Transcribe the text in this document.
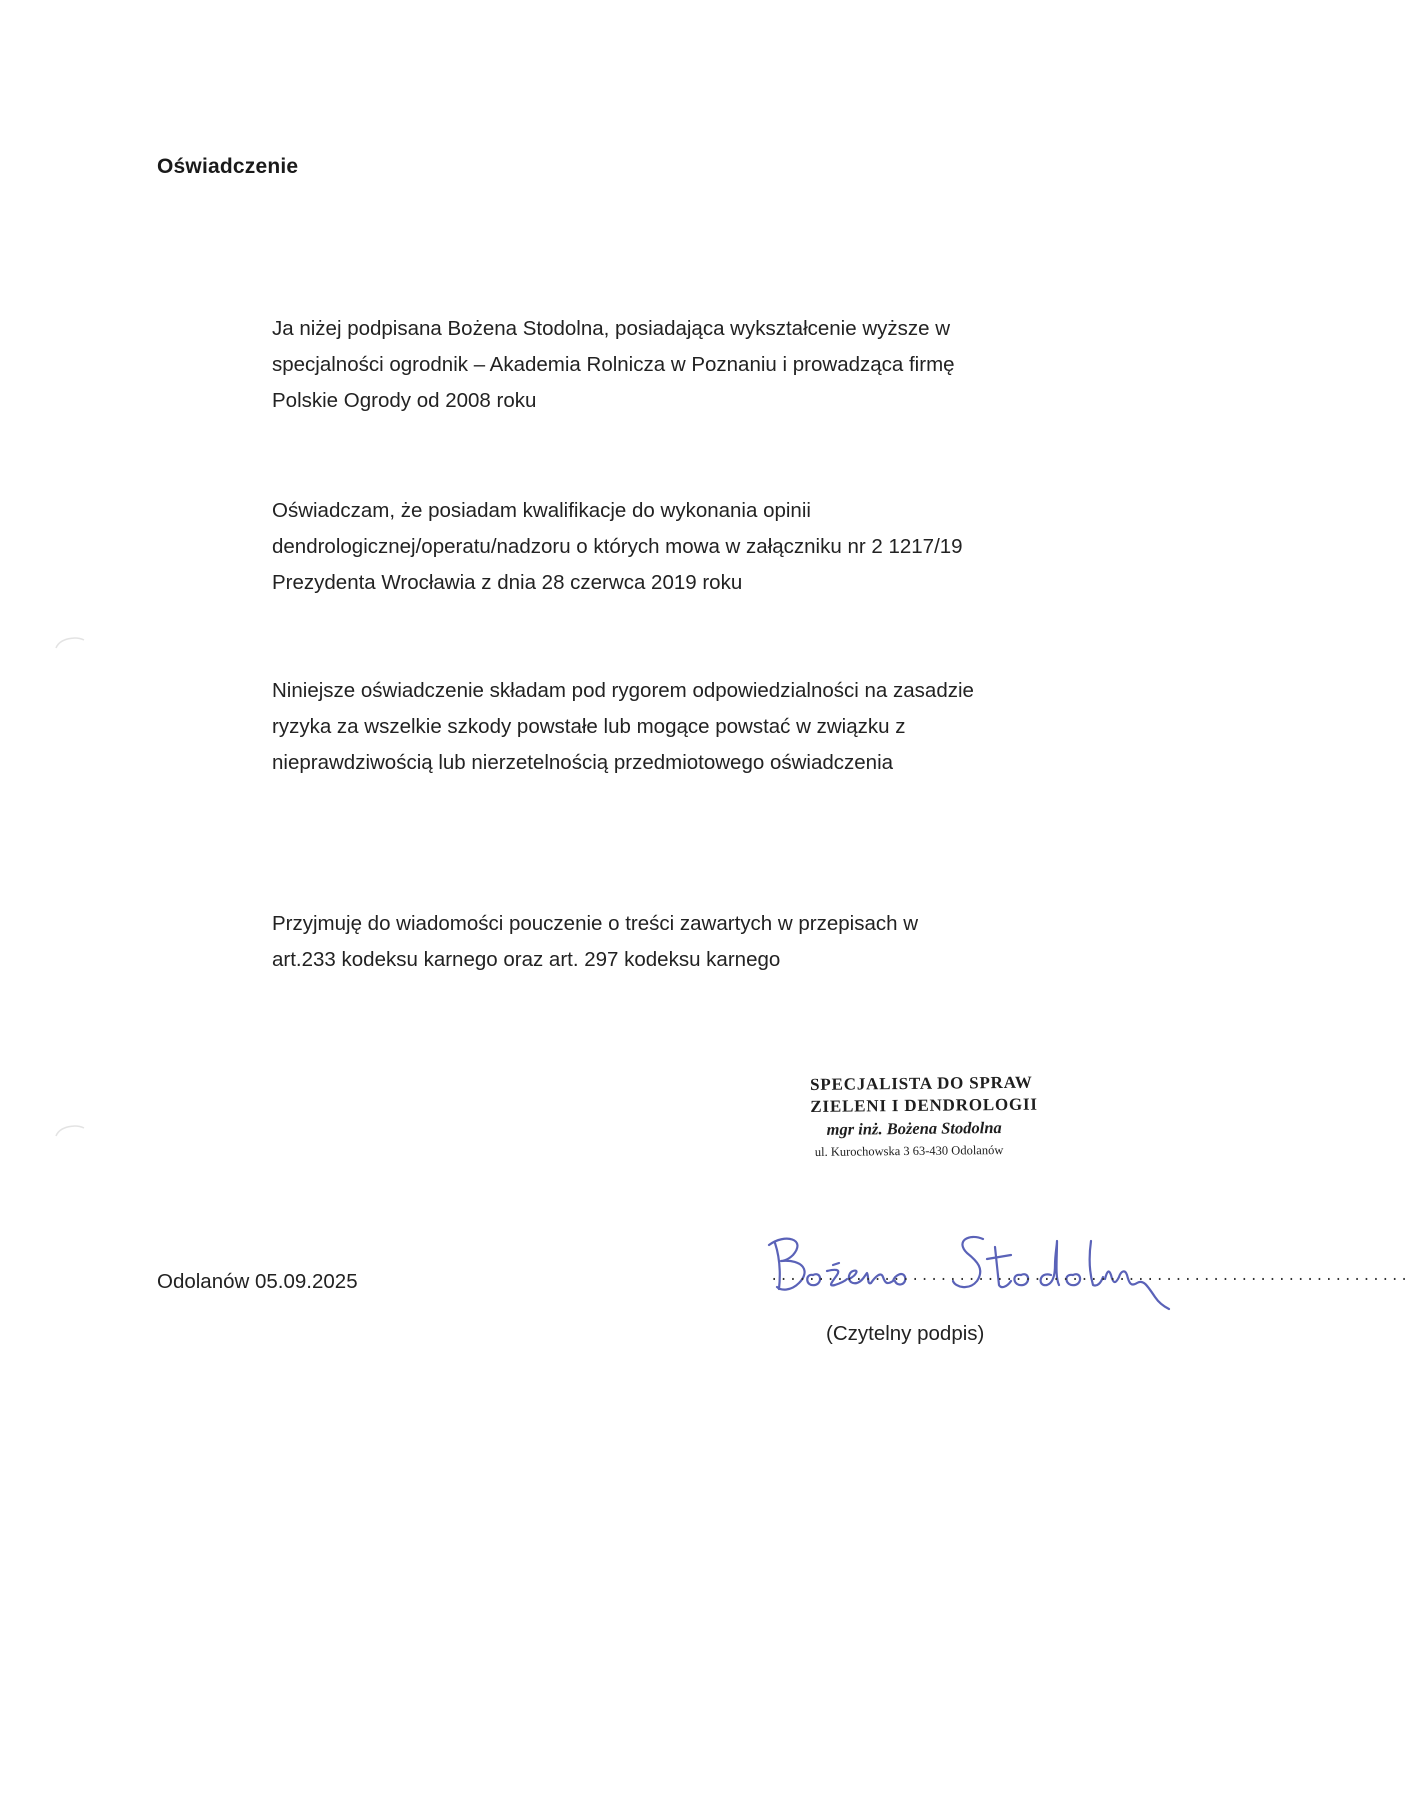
Oświadczenie

Ja niżej podpisana Bożena Stodolna, posiadająca wykształcenie wyższe w
specjalności ogrodnik – Akademia Rolnicza w Poznaniu i prowadząca firmę
Polskie Ogrody od 2008 roku

Oświadczam, że posiadam kwalifikacje do wykonania opinii
dendrologicznej/operatu/nadzoru o których mowa w załączniku nr 2 1217/19
Prezydenta Wrocławia z dnia 28 czerwca 2019 roku

Niniejsze oświadczenie składam pod rygorem odpowiedzialności na zasadzie
ryzyka za wszelkie szkody powstałe lub mogące powstać w związku z
nieprawdziwością lub nierzetelnością przedmiotowego oświadczenia

Przyjmuję do wiadomości pouczenie o treści zawartych w przepisach w
art.233 kodeksu karnego oraz art. 297 kodeksu karnego

SPECJALISTA DO SPRAW
ZIELENI I DENDROLOGII
mgr inż. Bożena Stodolna
ul. Kurochowska 3 63-430 Odolanów
Odolanów 05.09.2025	....................................................................
(Czytelny podpis)
